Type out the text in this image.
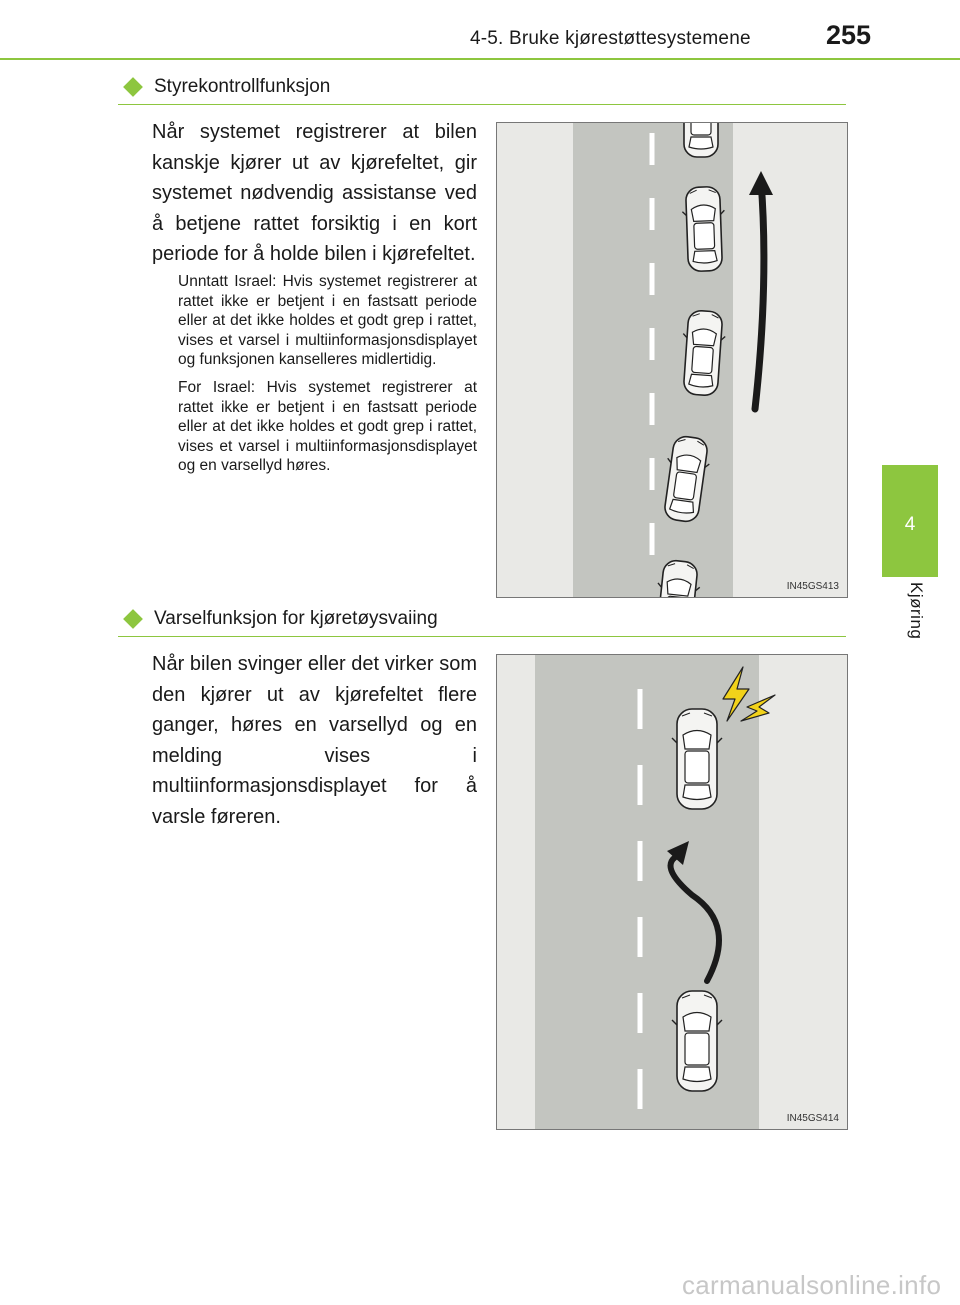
4-5. Bruke kjørestøttesystemene	255
4
Kjøring
Styrekontrollfunksjon
Når systemet registrerer at bilen kanskje kjører ut av kjørefeltet, gir systemet nødvendig assistanse ved å betjene rattet forsiktig i en kort periode for å holde bilen i kjørefeltet.

Unntatt Israel: Hvis systemet registrerer at rattet ikke er betjent i en fastsatt periode eller at det ikke holdes et godt grep i rattet, vises et varsel i multiinformasjonsdisplayet og funksjonen kanselleres midlertidig.

For Israel: Hvis systemet registrerer at rattet ikke er betjent i en fastsatt periode eller at det ikke holdes et godt grep i rattet, vises et varsel i multiinformasjonsdisplayet og en varsellyd høres.

IN45GS413
Varselfunksjon for kjøretøysvaiing
Når bilen svinger eller det virker som den kjører ut av kjørefeltet flere ganger, høres en varsellyd og en melding vises i multiinformasjonsdisplayet for å varsle føreren.
IN45GS414
carmanualsonline.info
